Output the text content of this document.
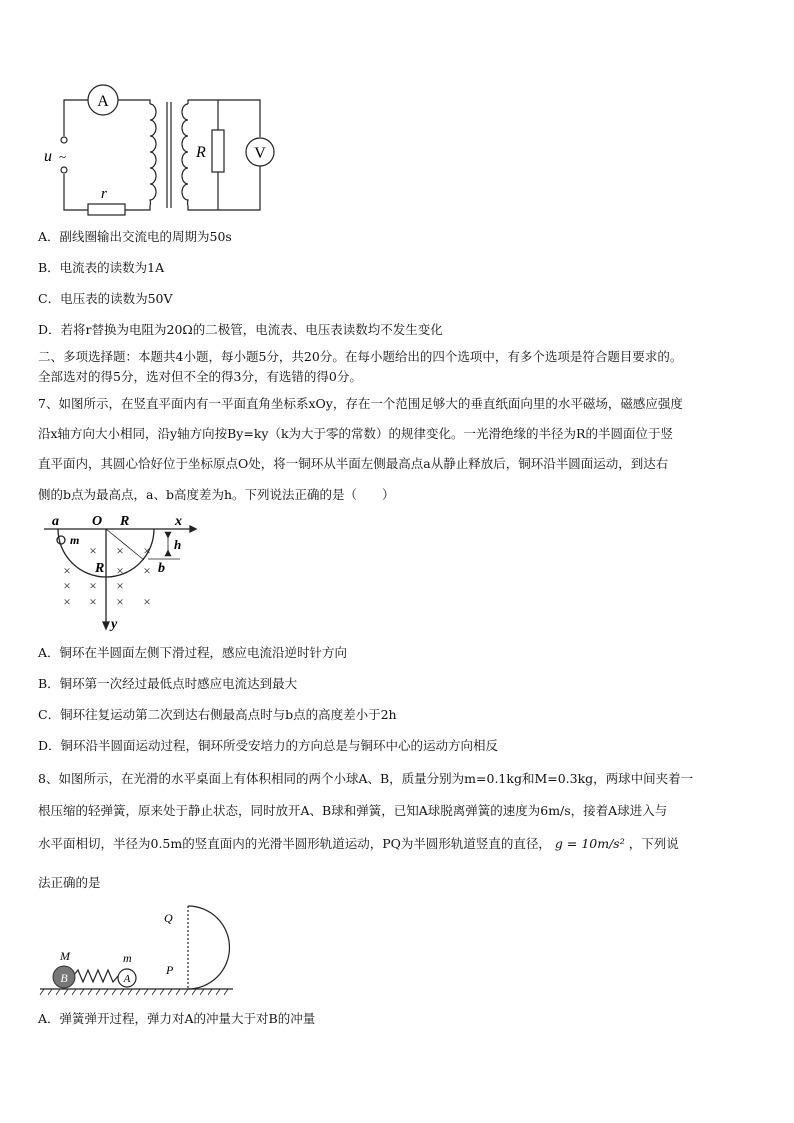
A
V
R
u ~
r
A．副线圈输出交流电的周期为50s
B．电流表的读数为1A
C．电压表的读数为50V
D．若将r替换为电阻为20Ω的二极管，电流表、电压表读数均不发生变化
二、多项选择题：本题共4小题，每小题5分，共20分。在每小题给出的四个选项中，有多个选项是符合题目要求的。
全部选对的得5分，选对但不全的得3分，有选错的得0分。
7、如图所示，在竖直平面内有一平面直角坐标系xOy，存在一个范围足够大的垂直纸面向里的水平磁场，磁感应强度
沿x轴方向大小相同，沿y轴方向按By=ky（k为大于零的常数）的规律变化。一光滑绝缘的半径为R的半圆面位于竖
直平面内，其圆心恰好位于坐标原点O处，将一铜环从半面左侧最高点a从静止释放后，铜环沿半圆面运动，到达右
侧的b点为最高点，a、b高度差为h。下列说法正确的是（　　）
a O R	x
m	h
b
R
y
× × ×
×	× ×
× × ×
× × × ×
A．铜环在半圆面左侧下滑过程，感应电流沿逆时针方向
B．铜环第一次经过最低点时感应电流达到最大
C．铜环往复运动第二次到达右侧最高点时与b点的高度差小于2h
D．铜环沿半圆面运动过程，铜环所受安培力的方向总是与铜环中心的运动方向相反
8、如图所示，在光滑的水平桌面上有体积相同的两个小球A、B，质量分别为m=0.1kg和M=0.3kg，两球中间夹着一
根压缩的轻弹簧，原来处于静止状态，同时放开A、B球和弹簧，已知A球脱离弹簧的速度为6m/s，接着A球进入与
水平面相切，半径为0.5m的竖直面内的光滑半圆形轨道运动，PQ为半圆形轨道竖直的直径， g = 10m/s² ，下列说
法正确的是
B	A
M	m
Q
P
A．弹簧弹开过程，弹力对A的冲量大于对B的冲量
